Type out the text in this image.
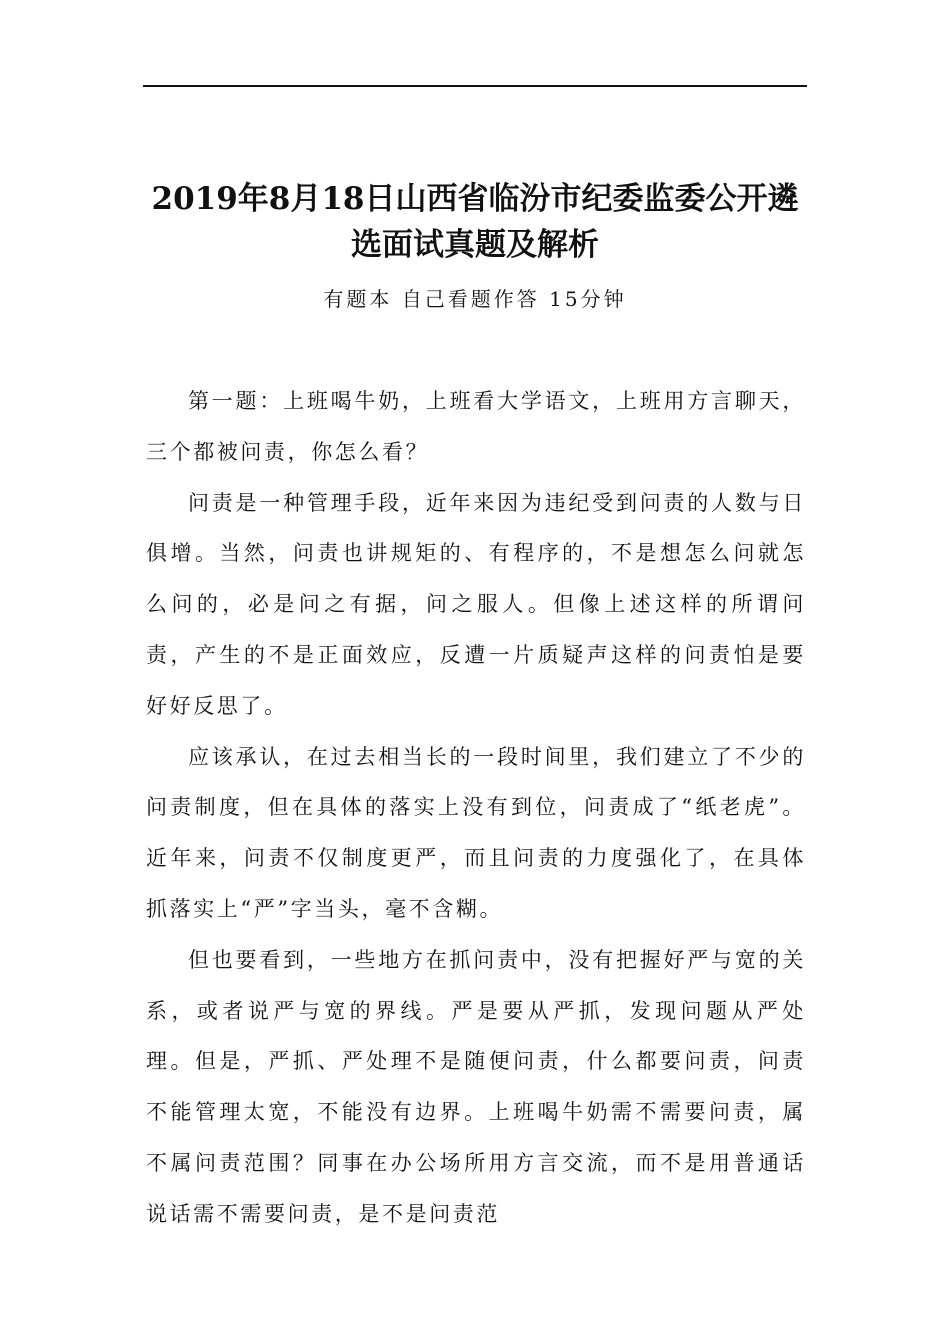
2019年8月18日山西省临汾市纪委监委公开遴选面试真题及解析
有题本 自己看题作答 15分钟

第一题：上班喝牛奶，上班看大学语文，上班用方言聊天，三个都被问责，你怎么看？

问责是一种管理手段，近年来因为违纪受到问责的人数与日俱增。当然，问责也讲规矩的、有程序的，不是想怎么问就怎么问的，必是问之有据，问之服人。但像上述这样的所谓问责，产生的不是正面效应，反遭一片质疑声这样的问责怕是要好好反思了。

应该承认，在过去相当长的一段时间里，我们建立了不少的问责制度，但在具体的落实上没有到位，问责成了“纸老虎”。近年来，问责不仅制度更严，而且问责的力度强化了，在具体抓落实上“严”字当头，毫不含糊。

但也要看到，一些地方在抓问责中，没有把握好严与宽的关系，或者说严与宽的界线。严是要从严抓，发现问题从严处理。但是，严抓、严处理不是随便问责，什么都要问责，问责不能管理太宽，不能没有边界。上班喝牛奶需不需要问责，属不属问责范围？同事在办公场所用方言交流，而不是用普通话说话需不需要问责，是不是问责范
